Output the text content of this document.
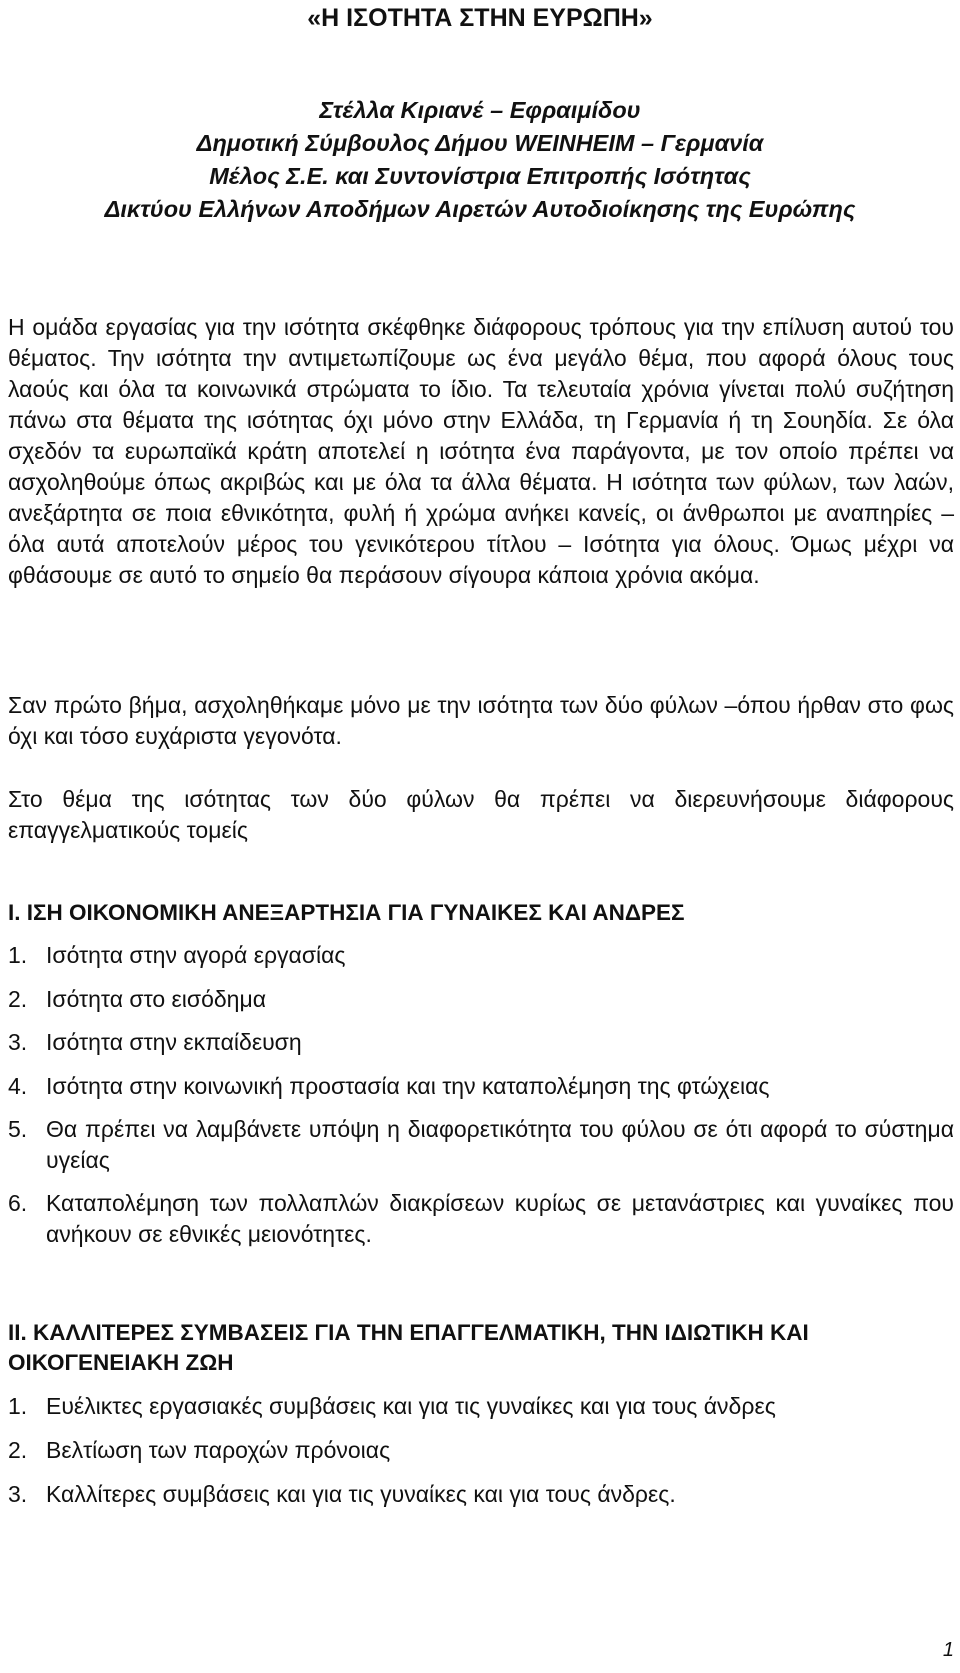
«Η ΙΣΟΤΗΤΑ ΣΤΗΝ ΕΥΡΩΠΗ»
Στέλλα Κιριανέ – Εφραιμίδου
Δημοτική Σύμβουλος Δήμου WEINHEIM – Γερμανία
Μέλος Σ.Ε. και Συντονίστρια Επιτροπής Ισότητας
Δικτύου Ελλήνων Αποδήμων Αιρετών Αυτοδιοίκησης της Ευρώπης

Η ομάδα εργασίας για την ισότητα σκέφθηκε διάφορους τρόπους για την επίλυση αυτού του θέματος. Την ισότητα την αντιμετωπίζουμε ως ένα μεγάλο θέμα, που αφορά όλους τους λαούς και όλα τα κοινωνικά στρώματα το ίδιο. Τα τελευταία χρόνια γίνεται πολύ συζήτηση πάνω στα θέματα της ισότητας όχι μόνο στην Ελλάδα, τη Γερμανία ή τη Σουηδία. Σε όλα σχεδόν τα ευρωπαϊκά κράτη αποτελεί η ισότητα ένα παράγοντα, με τον οποίο πρέπει να ασχοληθούμε όπως ακριβώς και με όλα τα άλλα θέματα. Η ισότητα των φύλων, των λαών, ανεξάρτητα σε ποια εθνικότητα, φυλή ή χρώμα ανήκει κανείς, οι άνθρωποι με αναπηρίες – όλα αυτά αποτελούν μέρος του γενικότερου τίτλου – Ισότητα για όλους. Όμως μέχρι να φθάσουμε σε αυτό το σημείο θα περάσουν σίγουρα κάποια χρόνια ακόμα.

Σαν πρώτο βήμα, ασχοληθήκαμε μόνο με την ισότητα των δύο φύλων –όπου ήρθαν στο φως όχι και τόσο ευχάριστα γεγονότα.

Στο θέμα της ισότητας των δύο φύλων θα πρέπει να διερευνήσουμε διάφορους επαγγελματικούς τομείς

Ι. ΙΣΗ ΟΙΚΟΝΟΜΙΚΗ ΑΝΕΞΑΡΤΗΣΙΑ ΓΙΑ ΓΥΝΑΙΚΕΣ ΚΑΙ ΑΝΔΡΕΣ
1. Ισότητα στην αγορά εργασίας
2. Ισότητα στο εισόδημα
3. Ισότητα στην εκπαίδευση
4. Ισότητα στην κοινωνική προστασία και την καταπολέμηση της φτώχειας
5. Θα πρέπει να λαμβάνετε υπόψη η διαφορετικότητα του φύλου σε ότι αφορά το σύστημα υγείας
6. Καταπολέμηση των πολλαπλών διακρίσεων κυρίως σε μετανάστριες και γυναίκες που ανήκουν σε εθνικές μειονότητες.
ΙΙ. ΚΑΛΛΙΤΕΡΕΣ ΣΥΜΒΑΣΕΙΣ ΓΙΑ ΤΗΝ ΕΠΑΓΓΕΛΜΑΤΙΚΗ, ΤΗΝ ΙΔΙΩΤΙΚΗ ΚΑΙ ΟΙΚΟΓΕΝΕΙΑΚΗ ΖΩΗ
1. Ευέλικτες εργασιακές συμβάσεις και για τις γυναίκες και για τους άνδρες
2. Βελτίωση των παροχών πρόνοιας
3. Καλλίτερες συμβάσεις και για τις γυναίκες και για τους άνδρες.
1
